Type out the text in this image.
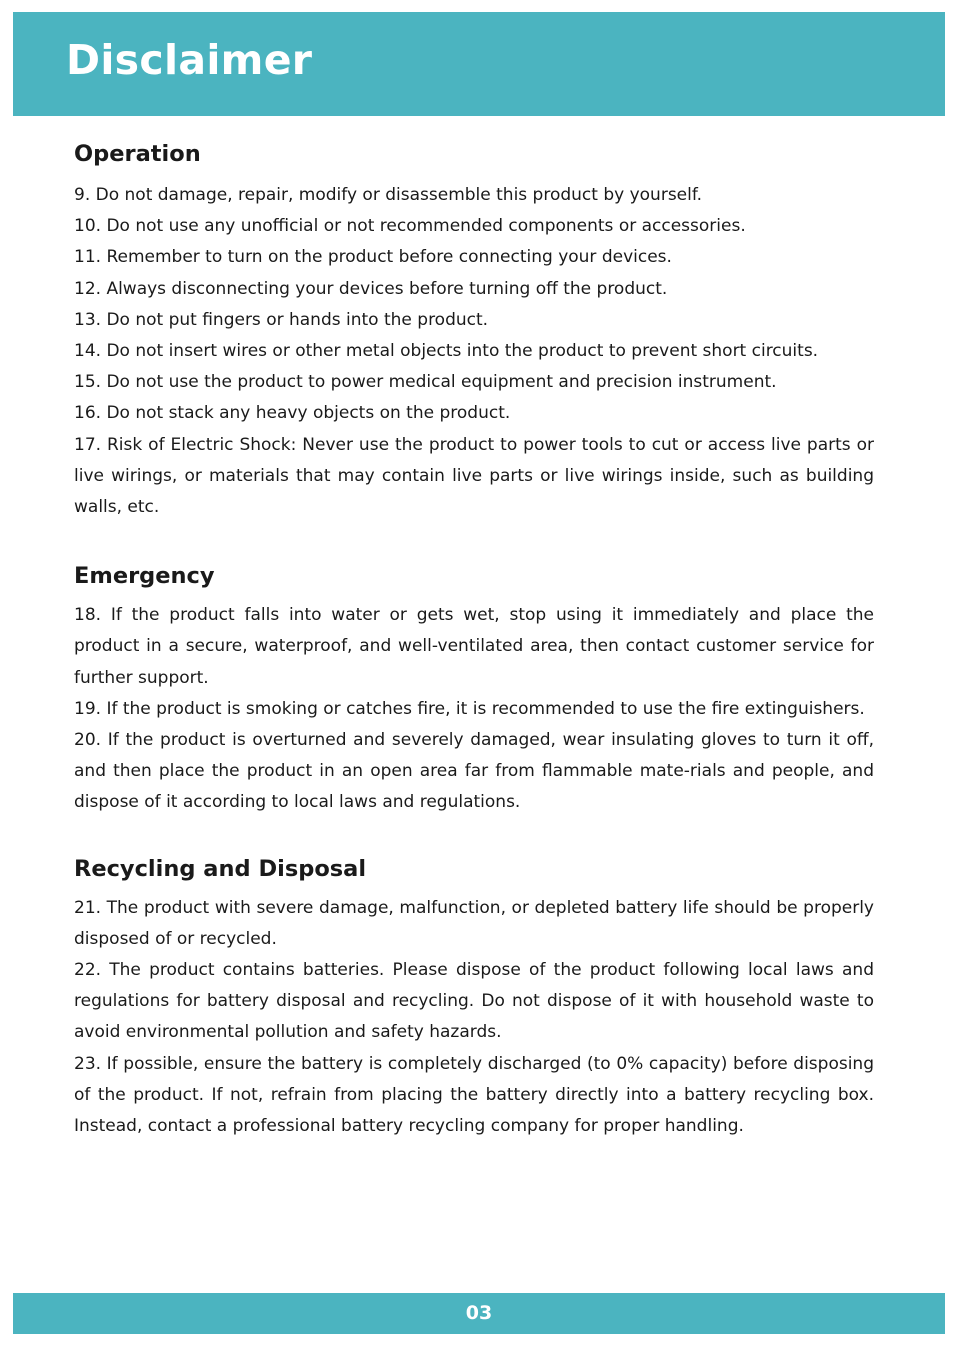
Disclaimer
Operation
9. Do not damage, repair, modify or disassemble this product by yourself.
10. Do not use any unofficial or not recommended components or accessories.
11. Remember to turn on the product before connecting your devices.
12. Always disconnecting your devices before turning off the product.
13. Do not put fingers or hands into the product.
14. Do not insert wires or other metal objects into the product to prevent short circuits.
15. Do not use the product to power medical equipment and precision instrument.
16. Do not stack any heavy objects on the product.
17. Risk of Electric Shock: Never use the product to power tools to cut or access live parts or live wirings, or materials that may contain live parts or live wirings inside, such as building walls, etc.
Emergency
18. If the product falls into water or gets wet, stop using it immediately and place the product in a secure, waterproof, and well-ventilated area, then contact customer service for further support.
19. If the product is smoking or catches fire, it is recommended to use the fire extinguishers.
20. If the product is overturned and severely damaged, wear insulating gloves to turn it off, and then place the product in an open area far from flammable mate-rials and people, and dispose of it according to local laws and regulations.
Recycling and Disposal
21. The product with severe damage, malfunction, or depleted battery life should be properly disposed of or recycled.
22. The product contains batteries. Please dispose of the product following local laws and regulations for battery disposal and recycling. Do not dispose of it with household waste to avoid environmental pollution and safety hazards.
23. If possible, ensure the battery is completely discharged (to 0% capacity) before disposing of the product. If not, refrain from placing the battery directly into a battery recycling box. Instead, contact a professional battery recycling company for proper handling.
03
